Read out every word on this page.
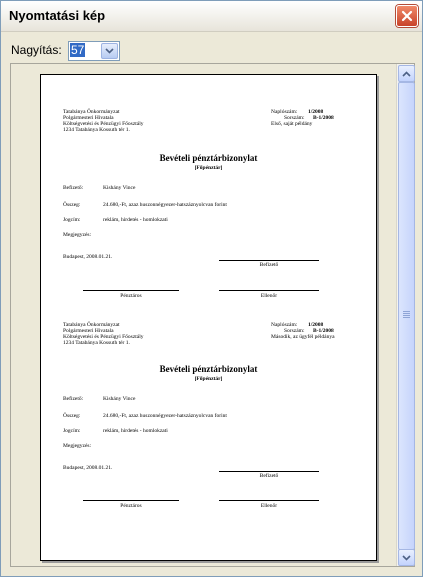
Nyomtatási kép
Nagyítás: 57
Tatabánya Önkormányzat
Polgármesteri Hivatala
Költségvetési és Pénzügyi Főosztály
1234 Tatabánya Kossuth tér 1.
Naplószám: 1/2008
Sorszám: B-1/2008
Első, saját példány
Bevételi pénztárbizonylat
[Főpénztár]
Befizető:	Kishány Vince
Összeg:	24.680,-Ft, azaz huszonnégyezer-hatszáznyolcvan forint
Jogcím:	reklám, hirdetés - homlokzati
Megjegyzés:
Budapest, 2008.01.21.
Befizető
Pénztáros	Ellenőr
Tatabánya Önkormányzat
Polgármesteri Hivatala
Költségvetési és Pénzügyi Főosztály
1234 Tatabánya Kossuth tér 1.
Naplószám: 1/2008
Sorszám: B-1/2008
Második, az ügyfél példánya
Bevételi pénztárbizonylat
[Főpénztár]
Befizető:	Kishány Vince
Összeg:	24.680,-Ft, azaz huszonnégyezer-hatszáznyolcvan forint
Jogcím:	reklám, hirdetés - homlokzati
Megjegyzés:
Budapest, 2008.01.21.
Befizető
Pénztáros	Ellenőr
